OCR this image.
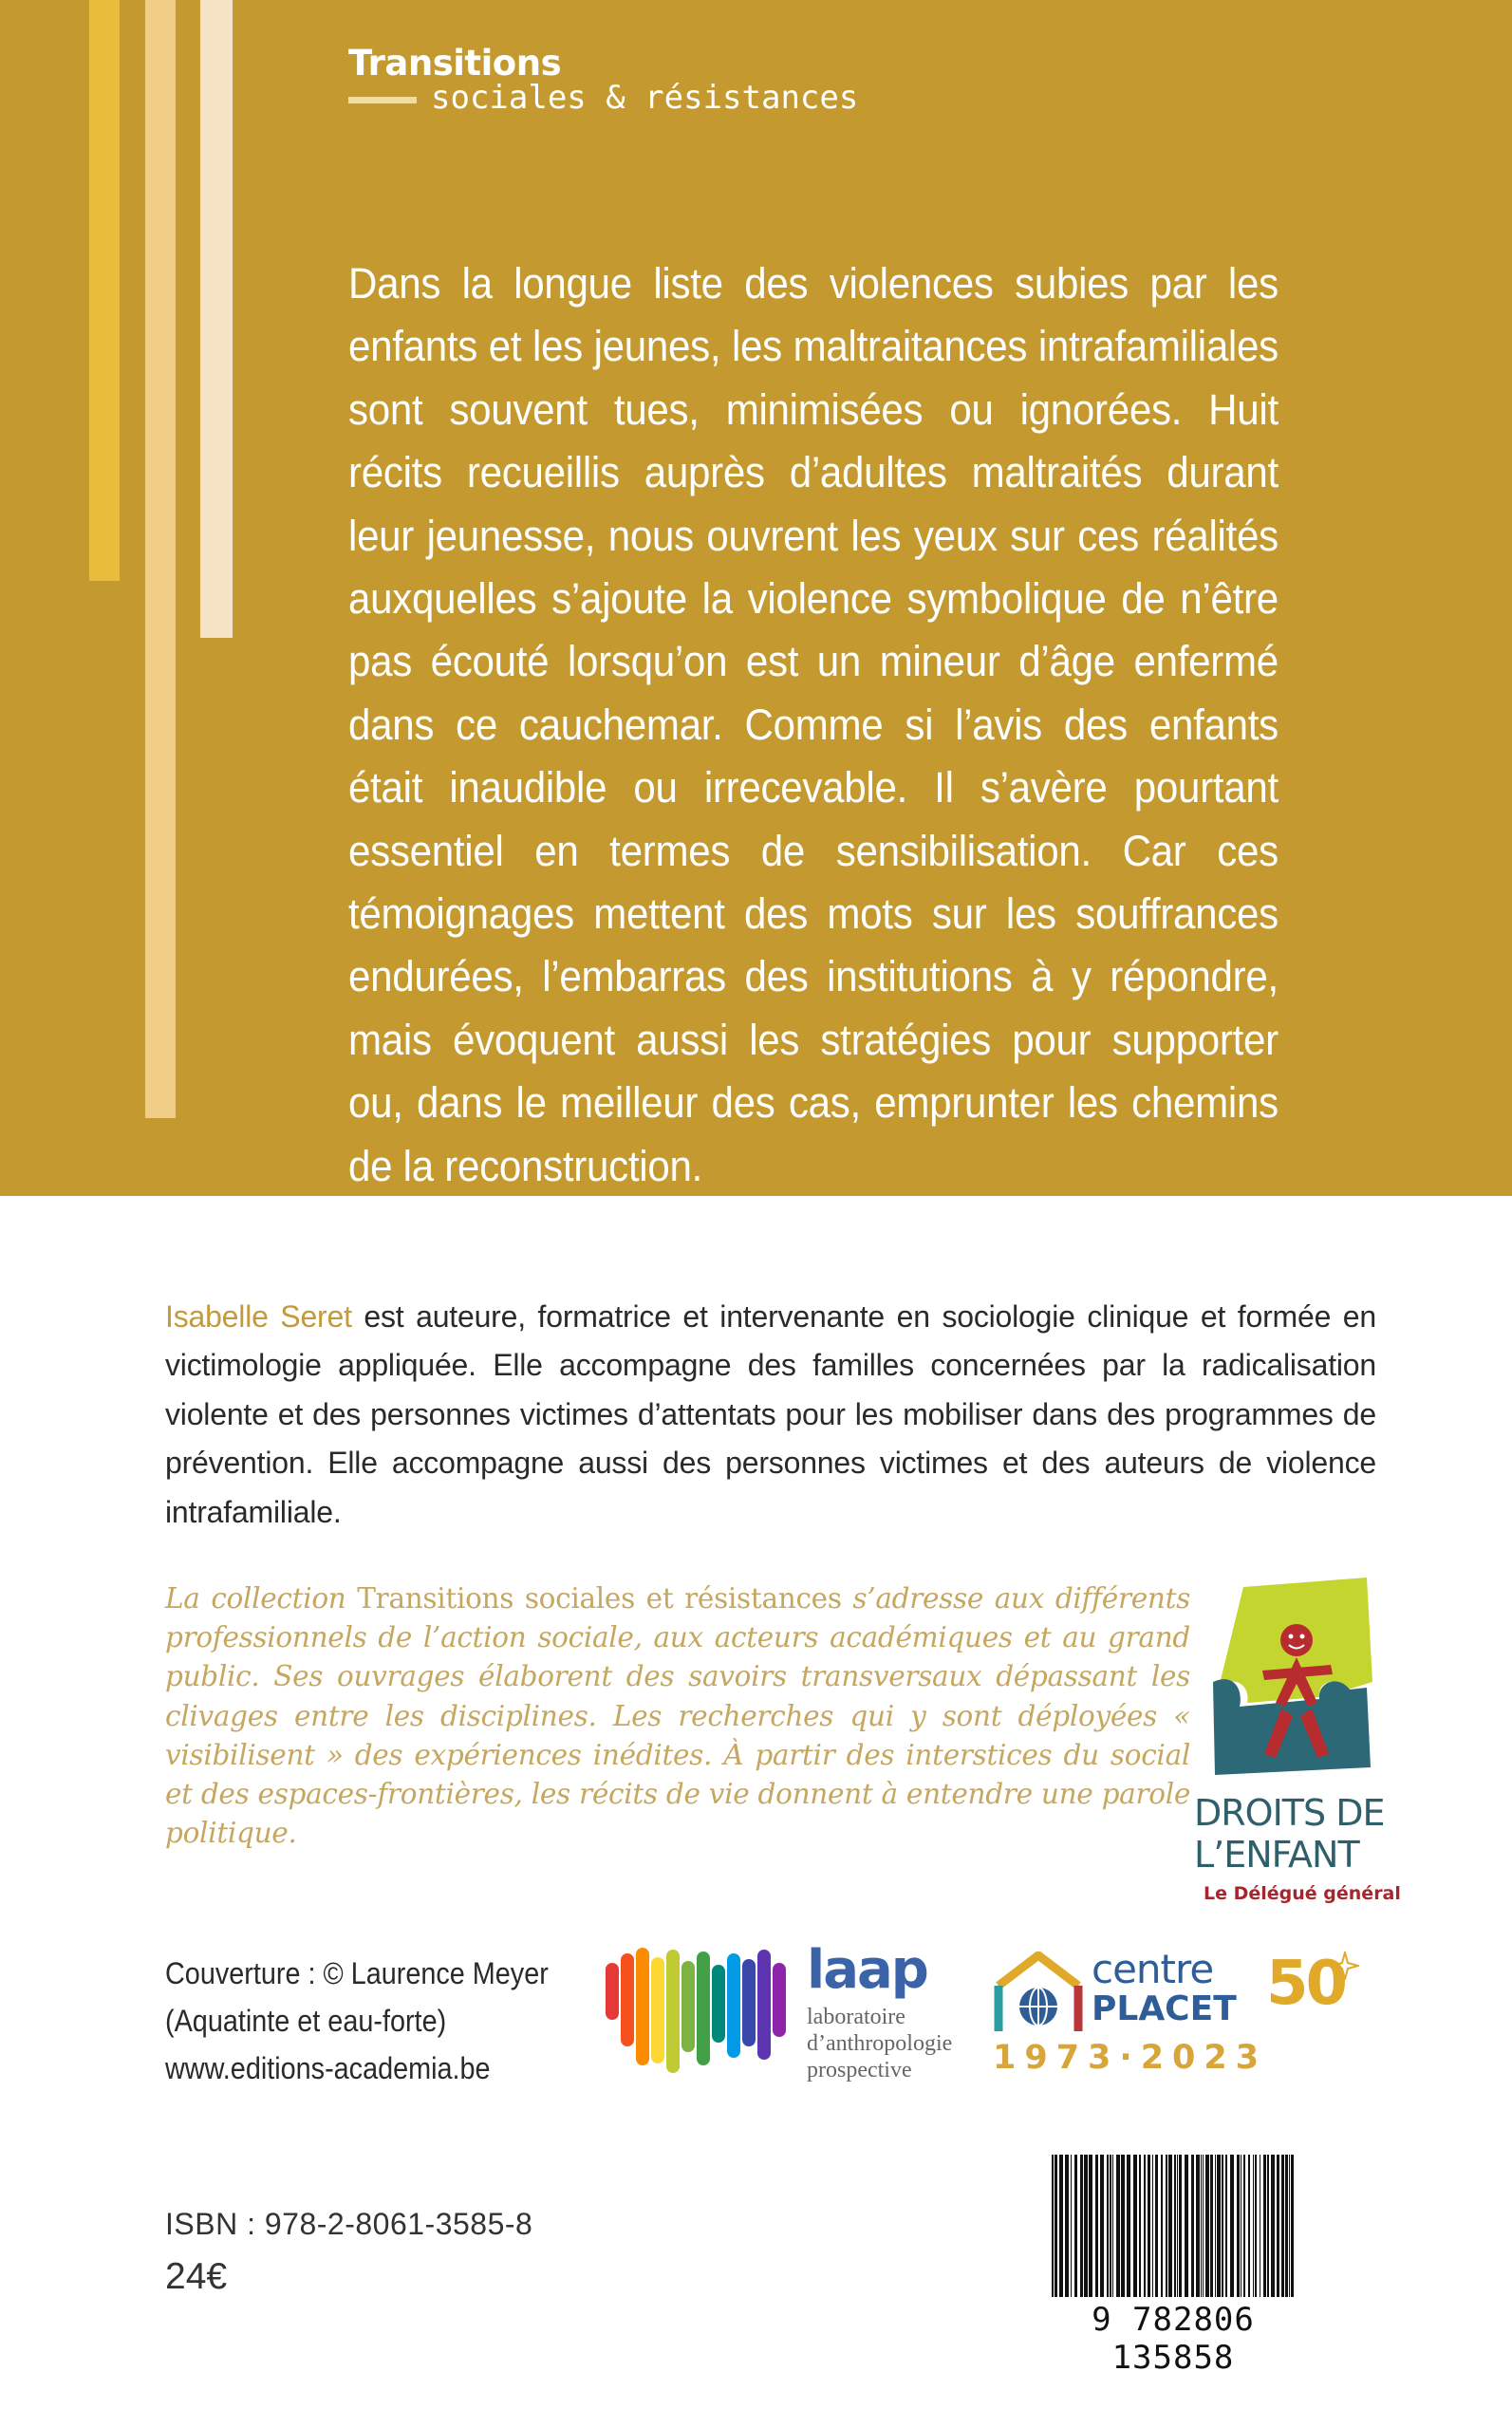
Transitions
sociales & résistances

Dans la longue liste des violences subies par les enfants et les jeunes, les maltraitances intrafamiliales sont souvent tues, minimisées ou ignorées. Huit récits recueillis auprès d’adultes maltraités durant leur jeunesse, nous ouvrent les yeux sur ces réalités auxquelles s’ajoute la violence symbolique de n’être pas écouté lorsqu’on est un mineur d’âge enfermé dans ce cauchemar. Comme si l’avis des enfants était inaudible ou irrecevable. Il s’avère pourtant essentiel en termes de sensibilisation. Car ces témoignages mettent des mots sur les souffrances endurées, l’embarras des institutions à y répondre, mais évoquent aussi les stratégies pour supporter ou, dans le meilleur des cas, emprunter les chemins de la reconstruction.

Isabelle Seret est auteure, formatrice et intervenante en sociologie clinique et formée en victimologie appliquée. Elle accompagne des familles concernées par la radicalisation violente et des personnes victimes d’attentats pour les mobiliser dans des programmes de prévention. Elle accompagne aussi des personnes victimes et des auteurs de violence intrafamiliale.

La collection Transitions sociales et résistances s’adresse aux différents professionnels de l’action sociale, aux acteurs académiques et au grand public. Ses ouvrages élaborent des savoirs transversaux dépassant les clivages entre les disciplines. Les recherches qui y sont déployées « visibilisent » des expériences inédites. À partir des interstices du social et des espaces-frontières, les récits de vie donnent à entendre une parole politique.	DROITS DE
L’ENFANT
Le Délégué général
Couverture : © Laurence Meyer
(Aquatinte et eau-forte)
www.editions-academia.be
laap
laboratoire
d’anthropologie
prospective
centre
PLACET 50
1973·2023
9 782806 135858
ISBN : 978-2-8061-3585-8
24€
